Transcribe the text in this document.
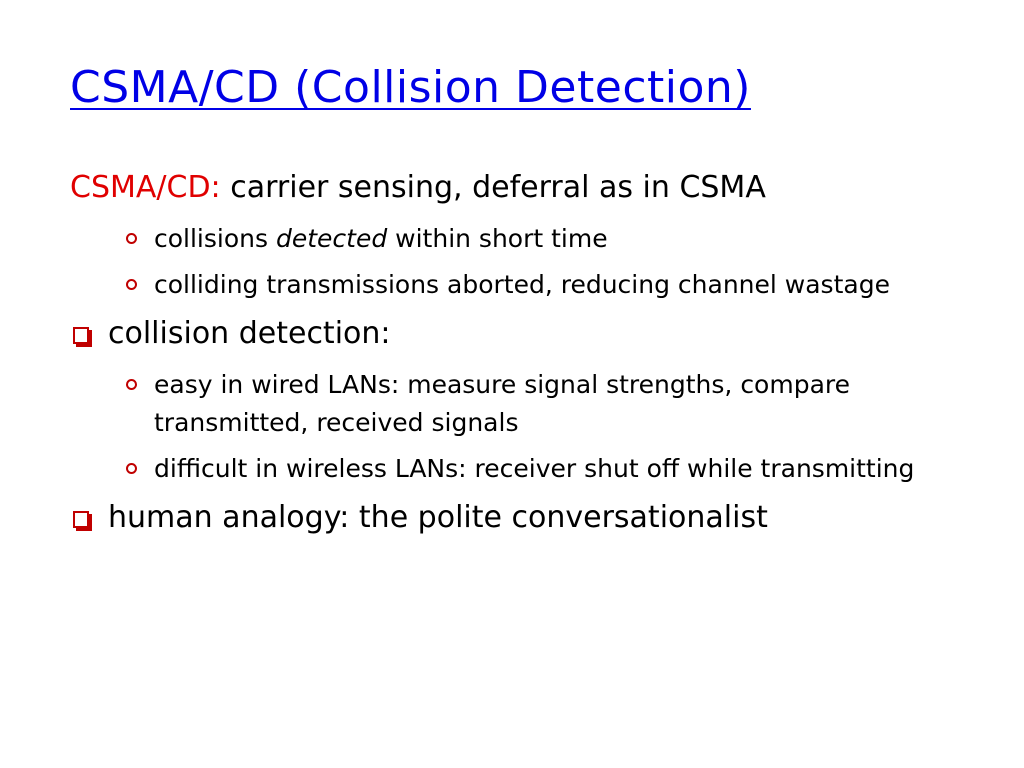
CSMA/CD (Collision Detection)
CSMA/CD: carrier sensing, deferral as in CSMA
collisions detected within short time
colliding transmissions aborted, reducing channel wastage
collision detection:
easy in wired LANs: measure signal strengths, compare transmitted, received signals
difficult in wireless LANs: receiver shut off while transmitting
human analogy: the polite conversationalist
